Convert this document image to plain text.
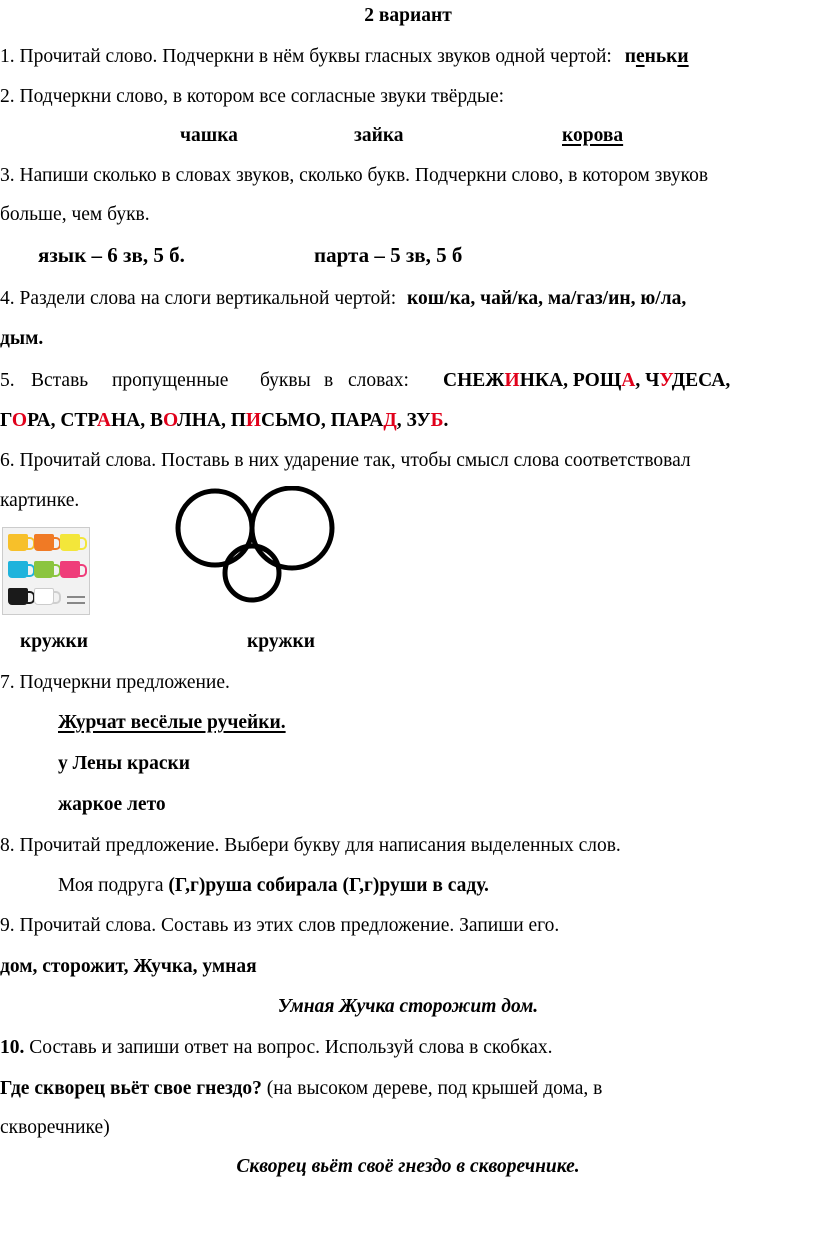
2 вариант
1. Прочитай слово. Подчеркни в нём буквы гласных звуков одной чертой: пеньки
2. Подчеркни слово, в котором все согласные звуки твёрдые:
чашка	зайка	корова
3. Напиши сколько в словах звуков, сколько букв. Подчеркни слово, в котором звуков
больше, чем букв.
язык – 6 зв, 5 б.	парта – 5 зв, 5 б
4. Раздели слова на слоги вертикальной чертой: кош/ка, чай/ка, ма/газ/ин, ю/ла,
дым.
5. Вставь пропущенные буквы в словах: СНЕЖИНКА, РОЩА, ЧУДЕСА,
ГОРА, СТРАНА, ВОЛНА, ПИСЬМО, ПАРАД, ЗУБ.
6. Прочитай слова. Поставь в них ударение так, чтобы смысл слова соответствовал
картинке.
кружки	кружки
7. Подчеркни предложение.
Журчат весёлые ручейки.
у Лены краски
жаркое лето
8. Прочитай предложение. Выбери букву для написания выделенных слов.
Моя подруга (Г,г)руша собирала (Г,г)руши в саду.
9. Прочитай слова. Составь из этих слов предложение. Запиши его.
дом, сторожит, Жучка, умная
Умная Жучка сторожит дом.
10. Составь и запиши ответ на вопрос. Используй слова в скобках.
Где скворец вьёт свое гнездо? (на высоком дереве, под крышей дома, в
скворечнике)
Скворец вьёт своё гнездо в скворечнике.
